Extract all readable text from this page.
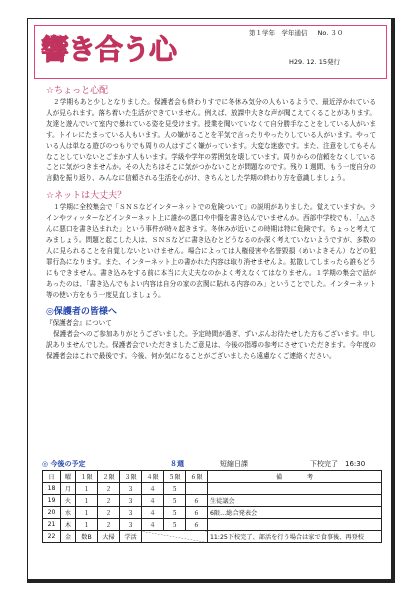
響き合う心	第１学年　学年通信 No. ３０
H29. 12. 15発行
☆ちょっと心配

２学期もあと少しとなりました。保護者会も終わりすでに冬休み気分の人もいるようで、最近浮かれている人が見られます。落ち着いた生活ができていません。例えば、放課中大きな声が聞こえてくることがあります。友達と遊んでいて室内で暴れている姿を見受けます。授業を聞いていなくて自分勝手なことをしている人がいます。トイレにたまっている人もいます。人の嫌がることを平気で言ったりやったりしている人がいます。やっている人は単なる遊びのつもりでも周りの人はすごく嫌がっています。大変な迷惑です。また、注意をしてもそんなことしていないとごまかす人もいます。学級や学年の雰囲気を壊しています。周りからの信頼をなくしていることに気がつきませんか。その人たちはそこに気がつかないことが問題なのです。残り１週間、もう一度自分の言動を振り返り、みんなに信頼される生活を心がけ、きちんとした学期の終わり方を意識しましょう。

☆ネットは大丈夫？

１学期に全校集会で「ＳＮＳなどインターネットでの危険ついて」の説明がありました。覚えていますか。ラインやツィッターなどインターネット上に誰かの悪口や中傷を書き込んでいませんか。西部中学校でも、「△△さんに悪口を書き込まれた」という事件が時々起きます。冬休みが近いこの時期は特に危険です。ちょっと考えてみましょう。問題と起こした人は、ＳＮＳなどに書き込むとどうなるのか深く考えていないようですが、多数の人に見られることを自覚しないといけません。場合によっては人権侵害や名誉毀損（めいよきそん）などの犯罪行為になります。また、インターネット上の書かれた内容は取り消せませんよ。拡散してしまったら誰もどうにもできません。書き込みをする前に本当に大丈夫なのかよく考えなくてはなりません。１学期の集会で話があったのは、「書き込んでもよい内容は自分の家の玄関に貼れる内容のみ」ということでした。インターネット等の使い方をもう一度見直しましょう。

◎保護者の皆様へ
『保護者会』について

保護者会へのご参加ありがとうございました。予定時間が過ぎ、ずいぶんお待たせした方もございます。申し訳ありませんでした。保護者会でいただきましたご意見は、今後の指導の参考にさせていただきます。今年度の保護者会はこれで最後です。今後、何か気になることがございましたら遠慮なくご連絡ください。

◎ 今後の予定	８週	短縮日課	下校完了　16:30
日	曜	１限	２限	３限	４限	５限	６限	備　　　　考
18	月	１	２	３	４	５		
19	火	１	２	３	４	５	６	生徒議会
20	水	１	２	３	４	５	６	6限…総合発表会
21	木	１	２	３	４	５	６	
22	金	数B	大掃	学活				11:25下校完了、部活を行う場合は家で食事後、再登校
